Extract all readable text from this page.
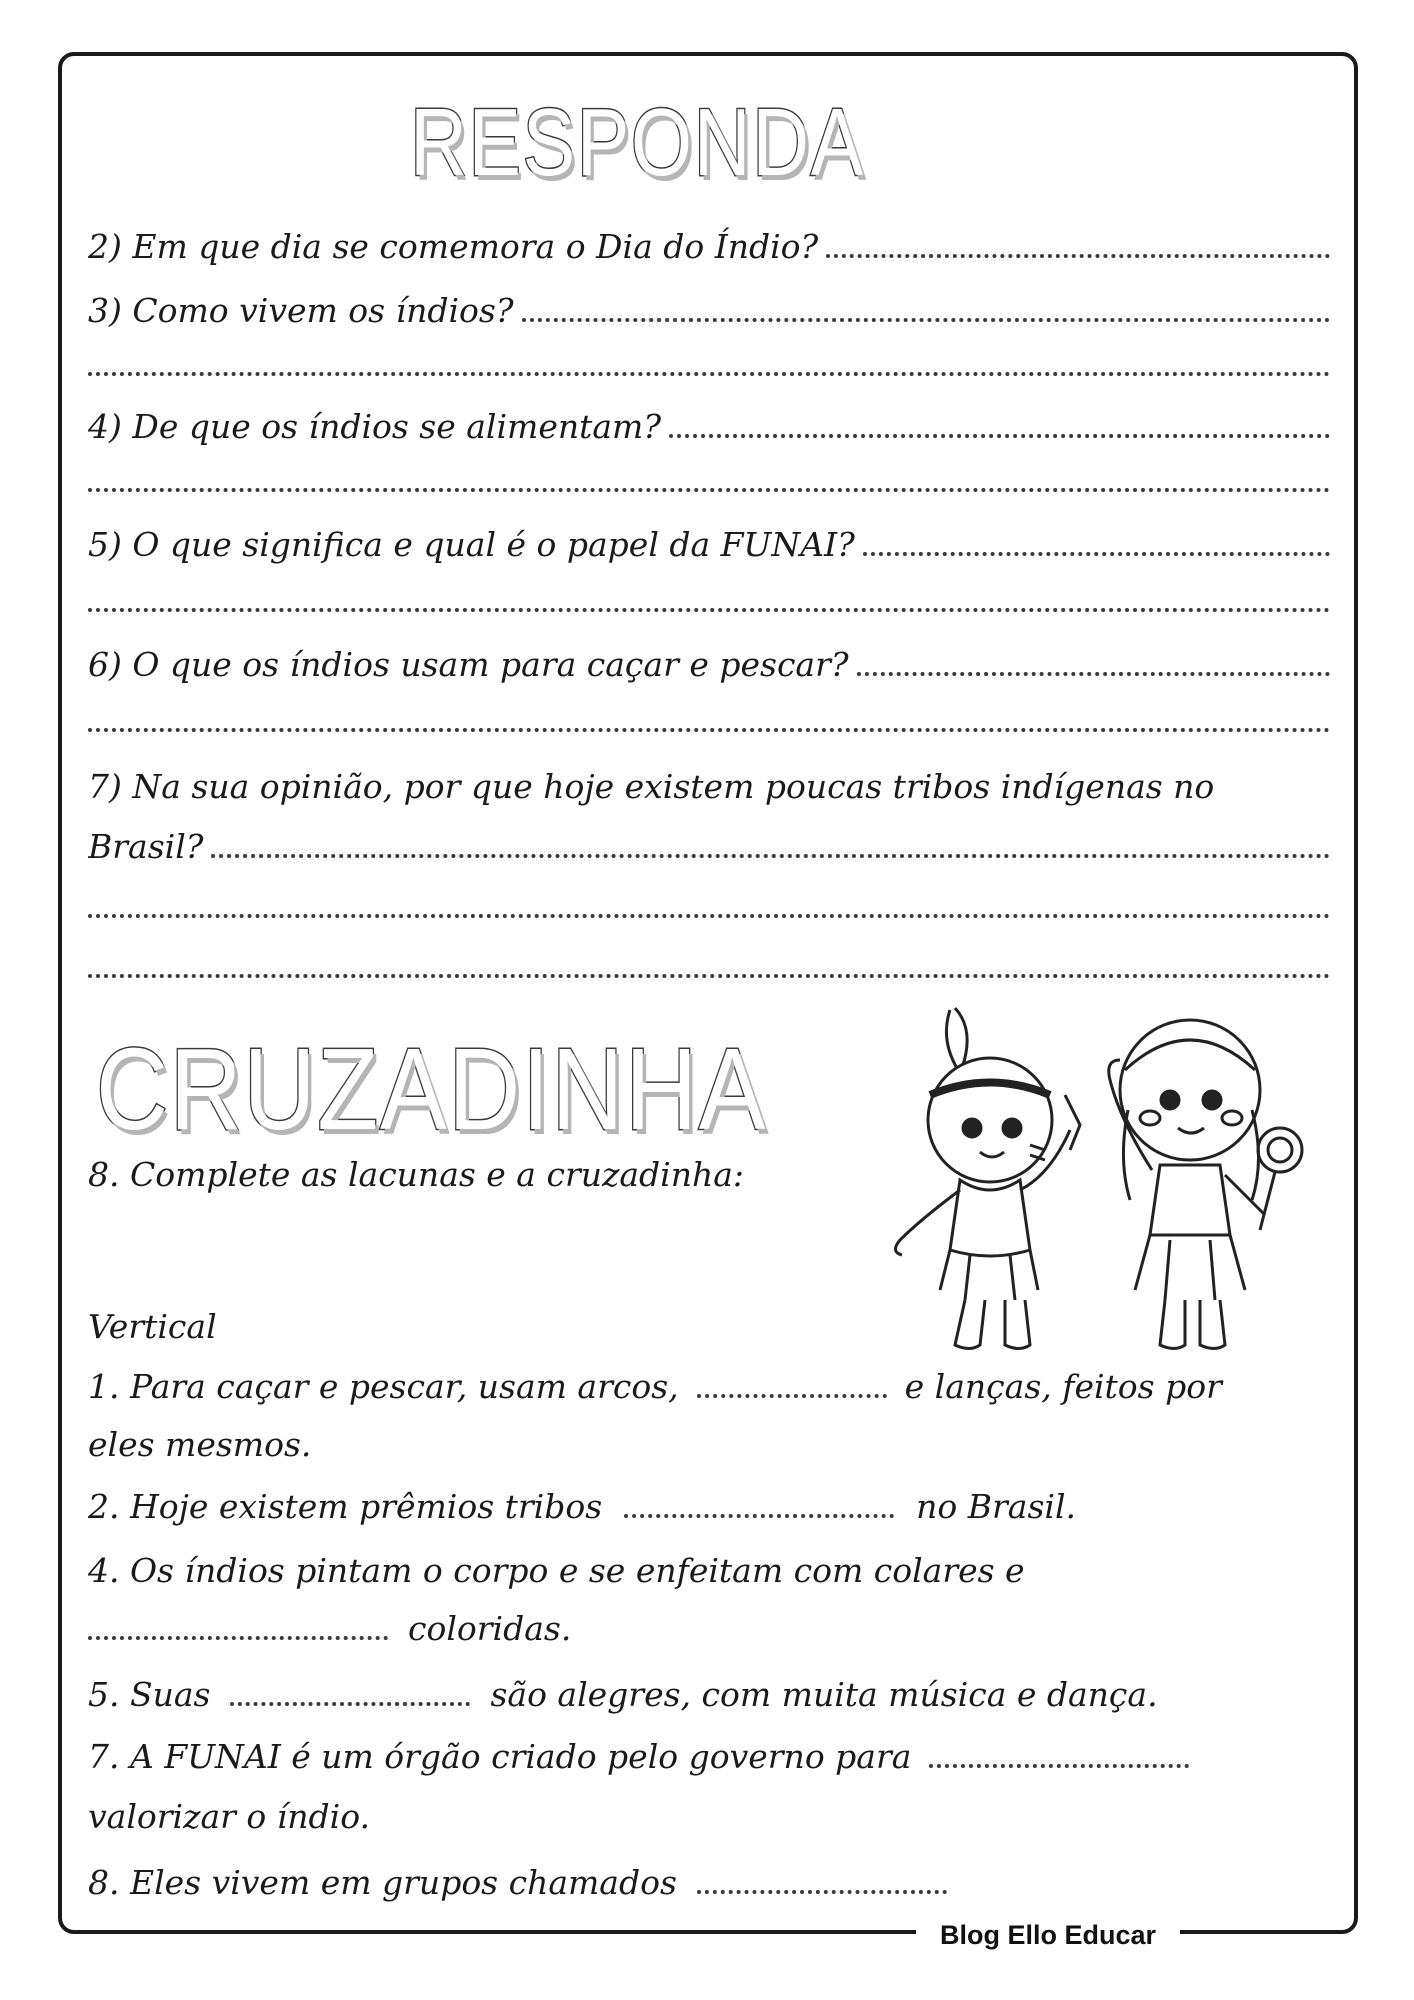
RESPONDA
2) Em que dia se comemora o Dia do Índio?
3) Como vivem os índios?
4) De que os índios se alimentam?
5) O que significa e qual é o papel da FUNAI?
6) O que os índios usam para caçar e pescar?
7) Na sua opinião, por que hoje existem poucas tribos indígenas no
Brasil?
CRUZADINHA
8. Complete as lacunas e a cruzadinha:
Vertical
1. Para caçar e pescar, usam arcos,	e lanças, feitos por
eles mesmos.
2. Hoje existem prêmios tribos	no Brasil.
4. Os índios pintam o corpo e se enfeitam com colares e
coloridas.
5. Suas	são alegres, com muita música e dança.
7. A FUNAI é um órgão criado pelo governo para
valorizar o índio.
8. Eles vivem em grupos chamados
Blog Ello Educar
